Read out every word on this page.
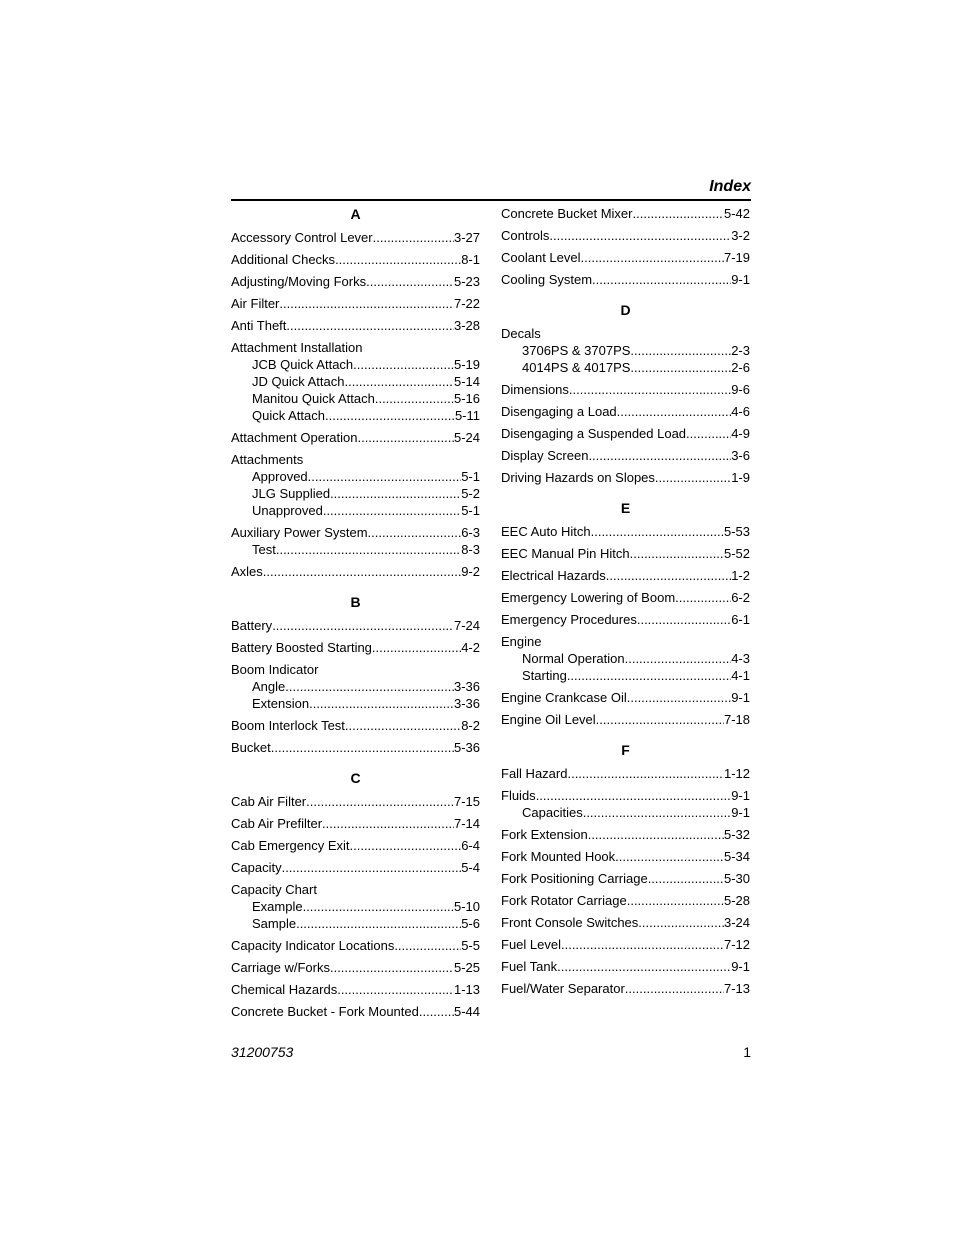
Index
A
Accessory Control Lever .....	3-27
Additional Checks .....	8-1
Adjusting/Moving Forks .....	5-23
Air Filter .....	7-22
Anti Theft .....	3-28
Attachment Installation
JCB Quick Attach .....	5-19
JD Quick Attach .....	5-14
Manitou Quick Attach .....	5-16
Quick Attach .....	5-11
Attachment Operation .....	5-24
Attachments
Approved .....	5-1
JLG Supplied .....	5-2
Unapproved .....	5-1
Auxiliary Power System .....	6-3
Test .....	8-3
Axles .....	9-2
B
Battery .....	7-24
Battery Boosted Starting .....	4-2
Boom Indicator
Angle .....	3-36
Extension .....	3-36
Boom Interlock Test .....	8-2
Bucket .....	5-36
C
Cab Air Filter .....	7-15
Cab Air Prefilter .....	7-14
Cab Emergency Exit .....	6-4
Capacity .....	5-4
Capacity Chart
Example .....	5-10
Sample .....	5-6
Capacity Indicator Locations .....	5-5
Carriage w/Forks .....	5-25
Chemical Hazards .....	1-13
Concrete Bucket - Fork Mounted .....	5-44
Concrete Bucket Mixer .....	5-42
Controls .....	3-2
Coolant Level .....	7-19
Cooling System .....	9-1
D
Decals
3706PS & 3707PS .....	2-3
4014PS & 4017PS .....	2-6
Dimensions .....	9-6
Disengaging a Load .....	4-6
Disengaging a Suspended Load .....	4-9
Display Screen .....	3-6
Driving Hazards on Slopes .....	1-9
E
EEC Auto Hitch .....	5-53
EEC Manual Pin Hitch .....	5-52
Electrical Hazards .....	1-2
Emergency Lowering of Boom .....	6-2
Emergency Procedures .....	6-1
Engine
Normal Operation .....	4-3
Starting .....	4-1
Engine Crankcase Oil .....	9-1
Engine Oil Level .....	7-18
F
Fall Hazard .....	1-12
Fluids .....	9-1
Capacities .....	9-1
Fork Extension .....	5-32
Fork Mounted Hook .....	5-34
Fork Positioning Carriage .....	5-30
Fork Rotator Carriage .....	5-28
Front Console Switches .....	3-24
Fuel Level .....	7-12
Fuel Tank .....	9-1
Fuel/Water Separator .....	7-13
31200753	1
